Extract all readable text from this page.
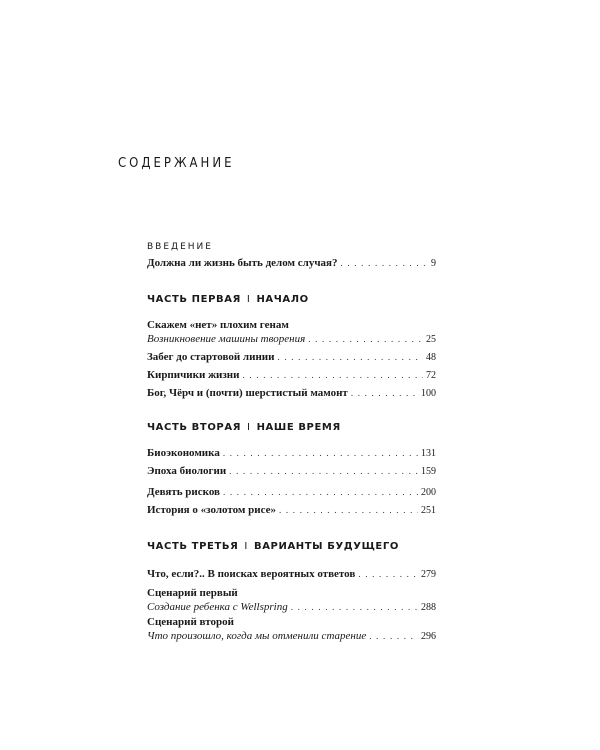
СОДЕРЖАНИЕ
ВВЕДЕНИЕ
Должна ли жизнь быть делом случая? . . .	9
ЧАСТЬ ПЕРВАЯ I НАЧАЛО
Скажем «нет» плохим генам
Возникновение машины творения . . .	25
Забег до стартовой линии . . .	48
Кирпичики жизни . . .	72
Бог, Чёрч и (почти) шерстистый мамонт . . .	100
ЧАСТЬ ВТОРАЯ I НАШЕ ВРЕМЯ
Биоэкономика . . .	131
Эпоха биологии . . .	159
Девять рисков . . .	200
История о «золотом рисе» . . .	251
ЧАСТЬ ТРЕТЬЯ I ВАРИАНТЫ БУДУЩЕГО
Что, если?.. В поисках вероятных ответов . . .	279
Сценарий первый
Создание ребенка с Wellspring . . .	288
Сценарий второй
Что произошло, когда мы отменили старение . . .	296
